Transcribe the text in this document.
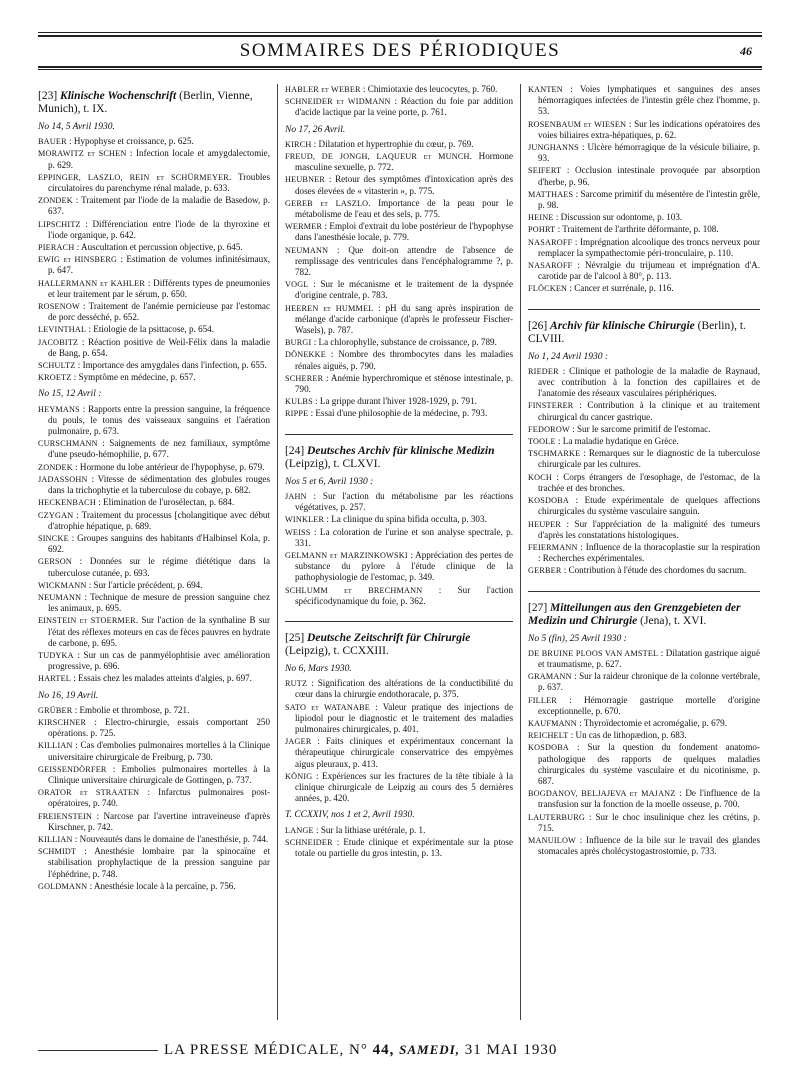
SOMMAIRES DES PÉRIODIQUES	46
[23] Klinische Wochenschrift (Berlin, Vienne, Munich), t. IX.
No 14, 5 Avril 1930.
BAUER : Hypophyse et croissance, p. 625.
MORAWITZ et SCHEN : Infection locale et amygdalectomie, p. 629.
EPPINGER, LASZLO, REIN et SCHÜRMEYER. Troubles circulatoires du parenchyme rénal malade, p. 633.
ZONDEK : Traitement par l'iode de la maladie de Basedow, p. 637.
LIPSCHITZ : Différenciation entre l'iode de la thyroxine et l'iode organique, p. 642.
PIERACH : Auscultation et percussion objective, p. 645.
EWIG et HINSBERG : Estimation de volumes infinitésimaux, p. 647.
HALLERMANN et KAHLER : Différents types de pneumonies et leur traitement par le sérum, p. 650.
ROSENOW : Traitement de l'anémie pernicieuse par l'estomac de porc desséché, p. 652.
LEVINTHAL : Etiologie de la psittacose, p. 654.
JACOBITZ : Réaction positive de Weil-Félix dans la maladie de Bang, p. 654.
SCHULTZ : Importance des amygdales dans l'infection, p. 655.
KROETZ : Symptôme en médecine, p. 657.
No 15, 12 Avril :
HEYMANS : Rapports entre la pression sanguine, la fréquence du pouls, le tonus des vaisseaux sanguins et l'aération pulmonaire, p. 673.
CURSCHMANN : Saignements de nez familiaux, symptôme d'une pseudo-hémophilie, p. 677.
ZONDEK : Hormone du lobe antérieur de l'hypophyse, p. 679.
JADASSOHN : Vitesse de sédimentation des globules rouges dans la trichophytie et la tuberculose du cobaye, p. 682.
HECKENBACH : Elimination de l'urosélectan, p. 684.
CZYGAN : Traitement du processus [cholangitique avec début d'atrophie hépatique, p. 689.
SINCKE : Groupes sanguins des habitants d'Halbinsel Kola, p. 692.
GERSON : Données sur le régime diététique dans la tuberculose cutanée, p. 693.
WICKMANN : Sur l'article précédent, p. 694.
NEUMANN : Technique de mesure de pression sanguine chez les animaux, p. 695.
EINSTEIN et STOERMER. Sur l'action de la synthaline B sur l'état des réflexes moteurs en cas de fèces pauvres en hydrate de carbone, p. 695.
TUDYKA : Sur un cas de panmyélophtisie avec amélioration progressive, p. 696.
HARTEL : Essais chez les malades atteints d'algies, p. 697.
No 16, 19 Avril.
GRÜBER : Embolie et thrombose, p. 721.
KIRSCHNER : Electro-chirurgie, essais comportant 250 opérations. p. 725.
KILLIAN : Cas d'embolies pulmonaires mortelles à la Clinique universitaire chirurgicale de Freiburg, p. 730.
GEISSENDÖRFER : Embolies pulmonaires mortelles à la Clinique universitaire chirurgicale de Gottingen, p. 737.
ORATOR et STRAATEN : Infarctus pulmonaires post-opératoires, p. 740.
FREIENSTEIN : Narcose par l'avertine intraveineuse d'après Kirschner, p. 742.
KILLIAN : Nouveautés dans le domaine de l'anesthésie, p. 744.
SCHMIDT : Anesthésie lombaire par la spinocaïne et stabilisation prophylactique de la pression sanguine par l'éphédrine, p. 748.
GOLDMANN : Anesthésie locale à la percaïne, p. 756.
HABLER et WEBER : Chimiotaxie des leucocytes, p. 760.
SCHNEIDER et WIDMANN : Réaction du foie par addition d'acide lactique par la veine porte, p. 761.
No 17, 26 Avril.
KIRCH : Dilatation et hypertrophie du cœur, p. 769.
FREUD, DE JONGH, LAQUEUR et MUNCH. Hormone masculine sexuelle, p. 772.
HEUBNER : Retour des symptômes d'intoxication après des doses élevées de « vitasterin », p. 775.
GEREB et LASZLO. Importance de la peau pour le métabolisme de l'eau et des sels, p. 775.
WERMER : Emploi d'extrait du lobe postérieur de l'hypophyse dans l'anesthésie locale, p. 779.
NEUMANN : Que doit-on attendre de l'absence de remplissage des ventricules dans l'encéphalogramme ?, p. 782.
VOGL : Sur le mécanisme et le traitement de la dyspnée d'origine centrale, p. 783.
HEEREN et HUMMEL : pH du sang après inspiration de mélange d'acide carbonique (d'après le professeur Fischer-Wasels), p. 787.
BURGI : La chlorophylle, substance de croissance, p. 789.
DÖNEKKE : Nombre des thrombocytes dans les maladies rénales aiguës, p. 790.
SCHERER : Anémie hyperchromique et sténose intestinale, p. 790.
KULBS : La grippe durant l'hiver 1928-1929, p. 791.
RIPPE : Essai d'une philosophie de la médecine, p. 793.
[24] Deutsches Archiv für klinische Medizin (Leipzig), t. CLXVI.
Nos 5 et 6, Avril 1930 :
JAHN : Sur l'action du métabolisme par les réactions végétatives, p. 257.
WINKLER : La clinique du spina bifida occulta, p. 303.
WEISS : La coloration de l'urine et son analyse spectrale, p. 331.
GELMANN et MARZINKOWSKI : Appréciation des pertes de substance du pylore à l'étude clinique de la pathophysiologie de l'estomac, p. 349.
SCHLUMM et BRECHMANN : Sur l'action spécificodynamique du foie, p. 362.
[25] Deutsche Zeitschrift für Chirurgie (Leipzig), t. CCXXIII.
No 6, Mars 1930.
RUTZ : Signification des altérations de la conductibilité du cœur dans la chirurgie endothoracale, p. 375.
SATO et WATANABE : Valeur pratique des injections de lipiodol pour le diagnostic et le traitement des maladies pulmonaires chirurgicales, p. 401.
JAGER : Faits cliniques et expérimentaux concernant la thérapeutique chirurgicale conservatrice des empyèmes aigus pleuraux, p. 413.
KÖNIG : Expériences sur les fractures de la tête tibiale à la clinique chirurgicale de Leipzig au cours des 5 dernières années, p. 420.
T. CCXXIV, nos 1 et 2, Avril 1930.
LANGE : Sur la lithiase urétérale, p. 1.
SCHNEIDER : Etude clinique et expérimentale sur la ptose totale ou partielle du gros intestin, p. 13.
KANTEN : Voies lymphatiques et sanguines des anses hémorragiques infectées de l'intestin grêle chez l'homme, p. 53.
ROSENBAUM et WIESEN : Sur les indications opératoires des voies biliaires extra-hépatiques, p. 62.
JUNGHANNS : Ulcère hémorragique de la vésicule biliaire, p. 93.
SEIFERT : Occlusion intestinale provoquée par absorption d'herbe, p. 96.
MATTHAES : Sarcome primitif du mésentère de l'intestin grêle, p. 98.
HEINE : Discussion sur odontome, p. 103.
POHRT : Traitement de l'arthrite déformante, p. 108.
NASAROFF : Imprégnation alcoolique des troncs nerveux pour remplacer la sympathectomie péri-tronculaire, p. 110.
NASAROFF : Névralgie du trijumeau et imprégnation d'A. carotide par de l'alcool à 80°, p. 113.
FLÖCKEN : Cancer et surrénale, p. 116.
[26] Archiv für klinische Chirurgie (Berlin), t. CLVIII.
No 1, 24 Avril 1930 :
RIEDER : Clinique et pathologie de la maladie de Raynaud, avec contribution à la fonction des capillaires et de l'anatomie des réseaux vasculaires périphériques.
FINSTERER : Contribution à la clinique et au traitement chirurgical du cancer gastrique.
FEDOROW : Sur le sarcome primitif de l'estomac.
TOOLE : La maladie hydatique en Grèce.
TSCHMARKE : Remarques sur le diagnostic de la tuberculose chirurgicale par les cultures.
KOCH : Corps étrangers de l'œsophage, de l'estomac, de la trachée et des bronches.
KOSDOBA : Etude expérimentale de quelques affections chirurgicales du système vasculaire sanguin.
HEUPER : Sur l'appréciation de la malignité des tumeurs d'après les constatations histologiques.
FEIERMANN : Influence de la thoracoplastie sur la respiration : Recherches expérimentales.
GERBER : Contribution à l'étude des chordomes du sacrum.
[27] Mitteilungen aus den Grenzgebieten der Medizin und Chirurgie (Jena), t. XVI.
No 5 (fin), 25 Avril 1930 :
DE BRUINE PLOOS VAN AMSTEL : Dilatation gastrique aiguë et traumatisme, p. 627.
GRAMANN : Sur la raideur chronique de la colonne vertébrale, p. 637.
FILLER : Hémorragie gastrique mortelle d'origine exceptionnelle, p. 670.
KAUFMANN : Thyroïdectomie et acromégalie, p. 679.
REICHELT : Un cas de lithopædion, p. 683.
KOSDOBA : Sur la question du fondement anatomo-pathologique des rapports de quelques maladies chirurgicales du système vasculaire et du nicotinisme, p. 687.
BOGDANOV, BELJAJEVA et MAJANZ : De l'influence de la transfusion sur la fonction de la moelle osseuse, p. 700.
LAUTERBURG : Sur le choc insulinique chez les crétins, p. 715.
MANUILOW : Influence de la bile sur le travail des glandes stomacales après cholécystogastrostomie, p. 733.
LA PRESSE MÉDICALE, N° 44, SAMEDI, 31 MAI 1930
